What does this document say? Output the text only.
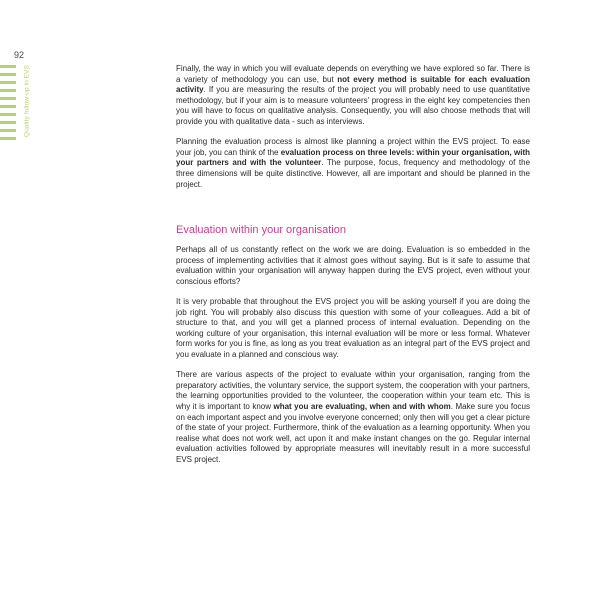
92
Quality follow-up in EVS	Finally, the way in which you will evaluate depends on everything we have explored so far. There is a variety of methodology you can use, but not every method is suitable for each evaluation activity. If you are measuring the results of the project you will probably need to use quantitative methodology, but if your aim is to measure volunteers' progress in the eight key competencies then you will have to focus on qualitative analysis. Consequently, you will also choose methods that will provide you with qualitative data - such as interviews.

Planning the evaluation process is almost like planning a project within the EVS project. To ease your job, you can think of the evaluation process on three levels: within your organisation, with your partners and with the volunteer. The purpose, focus, frequency and methodology of the three dimensions will be quite distinctive. However, all are important and should be planned in the project.

Evaluation within your organisation

Perhaps all of us constantly reflect on the work we are doing. Evaluation is so embedded in the process of implementing activities that it almost goes without saying. But is it safe to assume that evaluation within your organisation will anyway happen during the EVS project, even without your conscious efforts?

It is very probable that throughout the EVS project you will be asking yourself if you are doing the job right. You will probably also discuss this question with some of your colleagues. Add a bit of structure to that, and you will get a planned process of internal evaluation. Depending on the working culture of your organisation, this internal evaluation will be more or less formal. Whatever form works for you is fine, as long as you treat evaluation as an integral part of the EVS project and you evaluate in a planned and conscious way.

There are various aspects of the project to evaluate within your organisation, ranging from the preparatory activities, the voluntary service, the support system, the cooperation with your partners, the learning opportunities provided to the volunteer, the cooperation within your team etc. This is why it is important to know what you are evaluating, when and with whom. Make sure you focus on each important aspect and you involve everyone concerned; only then will you get a clear picture of the state of your project. Furthermore, think of the evaluation as a learning opportunity. When you realise what does not work well, act upon it and make instant changes on the go. Regular internal evaluation activities followed by appropriate measures will inevitably result in a more successful EVS project.
